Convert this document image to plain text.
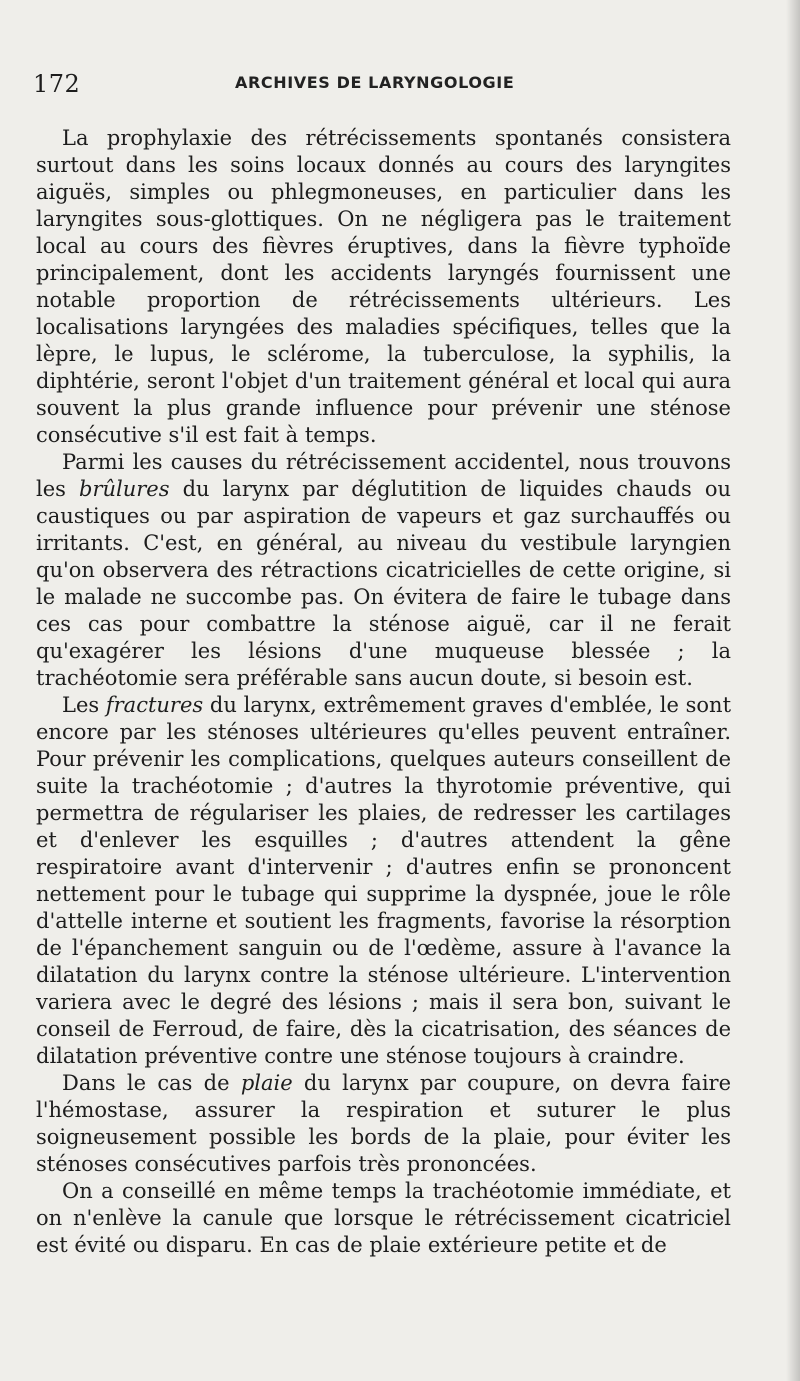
172	ARCHIVES DE LARYNGOLOGIE

La prophylaxie des rétrécissements spontanés consistera surtout dans les soins locaux donnés au cours des laryngites aiguës, simples ou phlegmoneuses, en particulier dans les laryngites sous-glottiques. On ne négligera pas le traitement local au cours des fièvres éruptives, dans la fièvre typhoïde principalement, dont les accidents laryngés fournissent une notable proportion de rétrécissements ultérieurs. Les localisations laryngées des maladies spécifiques, telles que la lèpre, le lupus, le sclérome, la tuberculose, la syphilis, la diphtérie, seront l'objet d'un traitement général et local qui aura souvent la plus grande influence pour prévenir une sténose consécutive s'il est fait à temps.

Parmi les causes du rétrécissement accidentel, nous trouvons les brûlures du larynx par déglutition de liquides chauds ou caustiques ou par aspiration de vapeurs et gaz surchauffés ou irritants. C'est, en général, au niveau du vestibule laryngien qu'on observera des rétractions cicatricielles de cette origine, si le malade ne succombe pas. On évitera de faire le tubage dans ces cas pour combattre la sténose aiguë, car il ne ferait qu'exagérer les lésions d'une muqueuse blessée ; la trachéotomie sera préférable sans aucun doute, si besoin est.

Les fractures du larynx, extrêmement graves d'emblée, le sont encore par les sténoses ultérieures qu'elles peuvent entraîner. Pour prévenir les complications, quelques auteurs conseillent de suite la trachéotomie ; d'autres la thyrotomie préventive, qui permettra de régulariser les plaies, de redresser les cartilages et d'enlever les esquilles ; d'autres attendent la gêne respiratoire avant d'intervenir ; d'autres enfin se prononcent nettement pour le tubage qui supprime la dyspnée, joue le rôle d'attelle interne et soutient les fragments, favorise la résorption de l'épanchement sanguin ou de l'œdème, assure à l'avance la dilatation du larynx contre la sténose ultérieure. L'intervention variera avec le degré des lésions ; mais il sera bon, suivant le conseil de Ferroud, de faire, dès la cicatrisation, des séances de dilatation préventive contre une sténose toujours à craindre.

Dans le cas de plaie du larynx par coupure, on devra faire l'hémostase, assurer la respiration et suturer le plus soigneusement possible les bords de la plaie, pour éviter les sténoses consécutives parfois très prononcées.

On a conseillé en même temps la trachéotomie immédiate, et on n'enlève la canule que lorsque le rétrécissement cicatriciel est évité ou disparu. En cas de plaie extérieure petite et de
